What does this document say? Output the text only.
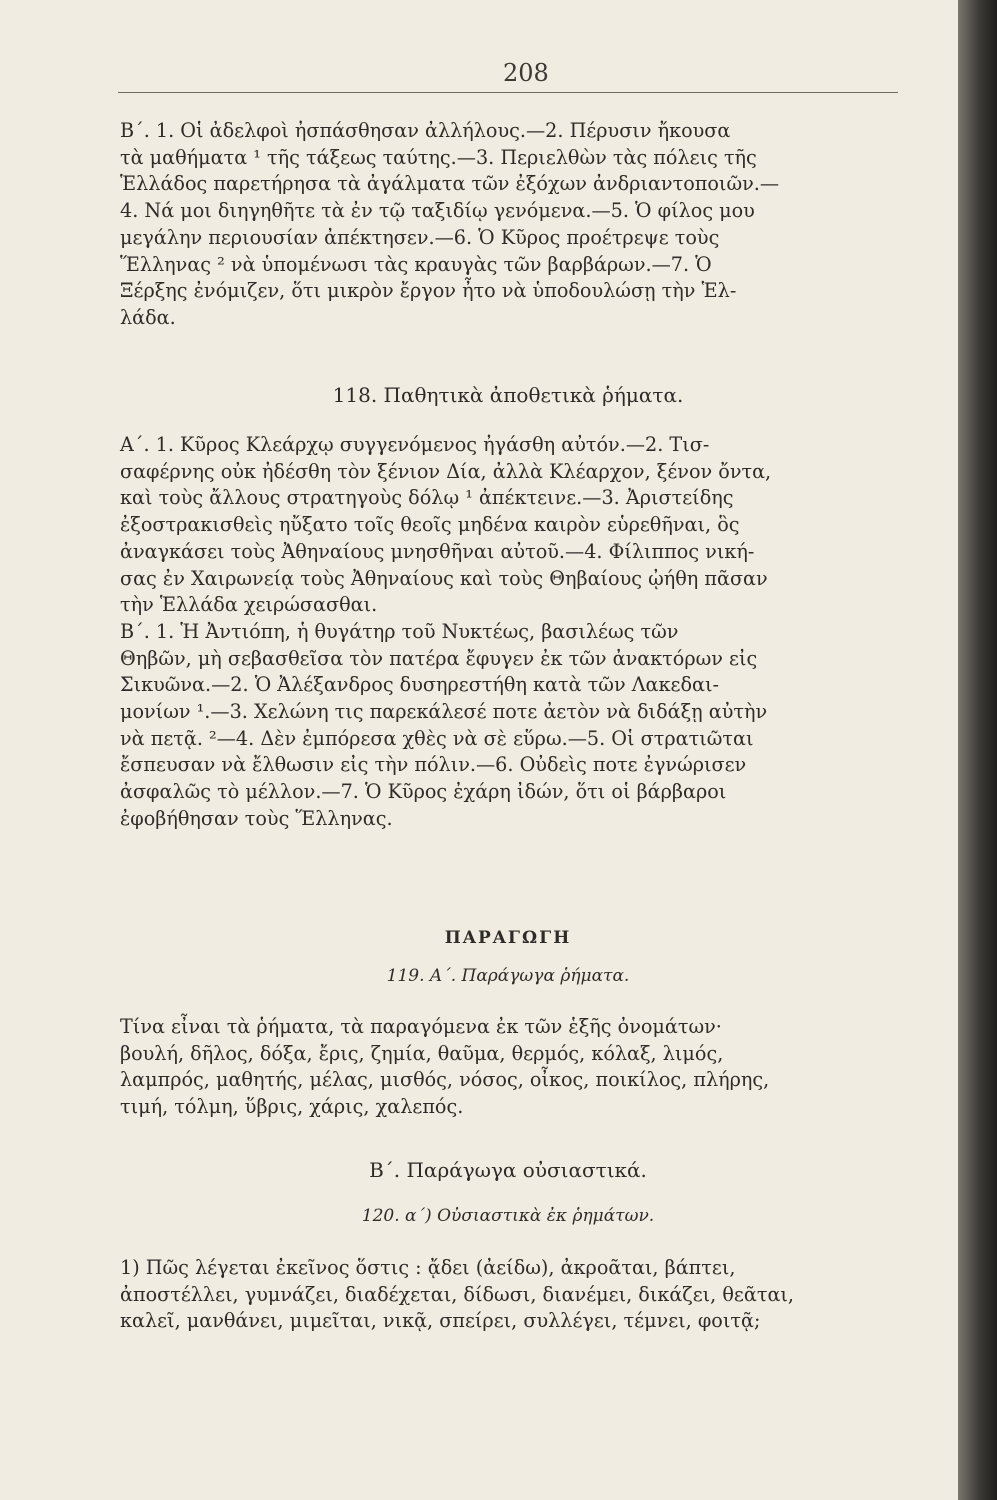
208
Β΄. 1. Οἱ ἀδελφοὶ ἠσπάσθησαν ἀλλήλους.—2. Πέρυσιν ἤκουσα
τὰ μαθήματα ¹ τῆς τάξεως ταύτης.—3. Περιελθὼν τὰς πόλεις τῆς
Ἑλλάδος παρετήρησα τὰ ἀγάλματα τῶν ἐξόχων ἀνδριαντοποιῶν.—
4. Νά μοι διηγηθῆτε τὰ ἐν τῷ ταξιδίῳ γενόμενα.—5. Ὁ φίλος μου
μεγάλην περιουσίαν ἀπέκτησεν.—6. Ὁ Κῦρος προέτρεψε τοὺς
Ἕλληνας ² νὰ ὑπομένωσι τὰς κραυγὰς τῶν βαρβάρων.—7. Ὁ
Ξέρξης ἐνόμιζεν, ὅτι μικρὸν ἔργον ἦτο νὰ ὑποδουλώσῃ τὴν Ἑλ-
λάδα.
118. Παθητικὰ ἀποθετικὰ ῥήματα.
Α΄. 1. Κῦρος Κλεάρχῳ συγγενόμενος ἠγάσθη αὐτόν.—2. Τισ-
σαφέρνης οὐκ ἠδέσθη τὸν ξένιον Δία, ἀλλὰ Κλέαρχον, ξένον ὄντα,
καὶ τοὺς ἄλλους στρατηγοὺς δόλῳ ¹ ἀπέκτεινε.—3. Ἀριστείδης
ἐξοστρακισθεὶς ηὔξατο τοῖς θεοῖς μηδένα καιρὸν εὑρεθῆναι, ὃς
ἀναγκάσει τοὺς Ἀθηναίους μνησθῆναι αὐτοῦ.—4. Φίλιππος νική-
σας ἐν Χαιρωνείᾳ τοὺς Ἀθηναίους καὶ τοὺς Θηβαίους ᾠήθη πᾶσαν
τὴν Ἑλλάδα χειρώσασθαι.
Β΄. 1. Ἡ Ἀντιόπη, ἡ θυγάτηρ τοῦ Νυκτέως, βασιλέως τῶν
Θηβῶν, μὴ σεβασθεῖσα τὸν πατέρα ἔφυγεν ἐκ τῶν ἀνακτόρων εἰς
Σικυῶνα.—2. Ὁ Ἀλέξανδρος δυσηρεστήθη κατὰ τῶν Λακεδαι-
μονίων ¹.—3. Χελώνη τις παρεκάλεσέ ποτε ἀετὸν νὰ διδάξῃ αὐτὴν
νὰ πετᾷ. ²—4. Δὲν ἐμπόρεσα χθὲς νὰ σὲ εὕρω.—5. Οἱ στρατιῶται
ἔσπευσαν νὰ ἔλθωσιν εἰς τὴν πόλιν.—6. Οὐδεὶς ποτε ἐγνώρισεν
ἀσφαλῶς τὸ μέλλον.—7. Ὁ Κῦρος ἐχάρη ἰδών, ὅτι οἱ βάρβαροι
ἐφοβήθησαν τοὺς Ἕλληνας.
ΠΑΡΑΓΩΓΗ
119. Α΄. Παράγωγα ῥήματα.
Τίνα εἶναι τὰ ῥήματα, τὰ παραγόμενα ἐκ τῶν ἑξῆς ὀνομάτων·
βουλή, δῆλος, δόξα, ἔρις, ζημία, θαῦμα, θερμός, κόλαξ, λιμός,
λαμπρός, μαθητής, μέλας, μισθός, νόσος, οἶκος, ποικίλος, πλήρης,
τιμή, τόλμη, ὕβρις, χάρις, χαλεπός.
Β΄. Παράγωγα οὐσιαστικά.
120. α΄) Οὐσιαστικὰ ἐκ ῥημάτων.
1) Πῶς λέγεται ἐκεῖνος ὅστις : ᾄδει (ἀείδω), ἀκροᾶται, βάπτει,
ἀποστέλλει, γυμνάζει, διαδέχεται, δίδωσι, διανέμει, δικάζει, θεᾶται,
καλεῖ, μανθάνει, μιμεῖται, νικᾷ, σπείρει, συλλέγει, τέμνει, φοιτᾷ;
